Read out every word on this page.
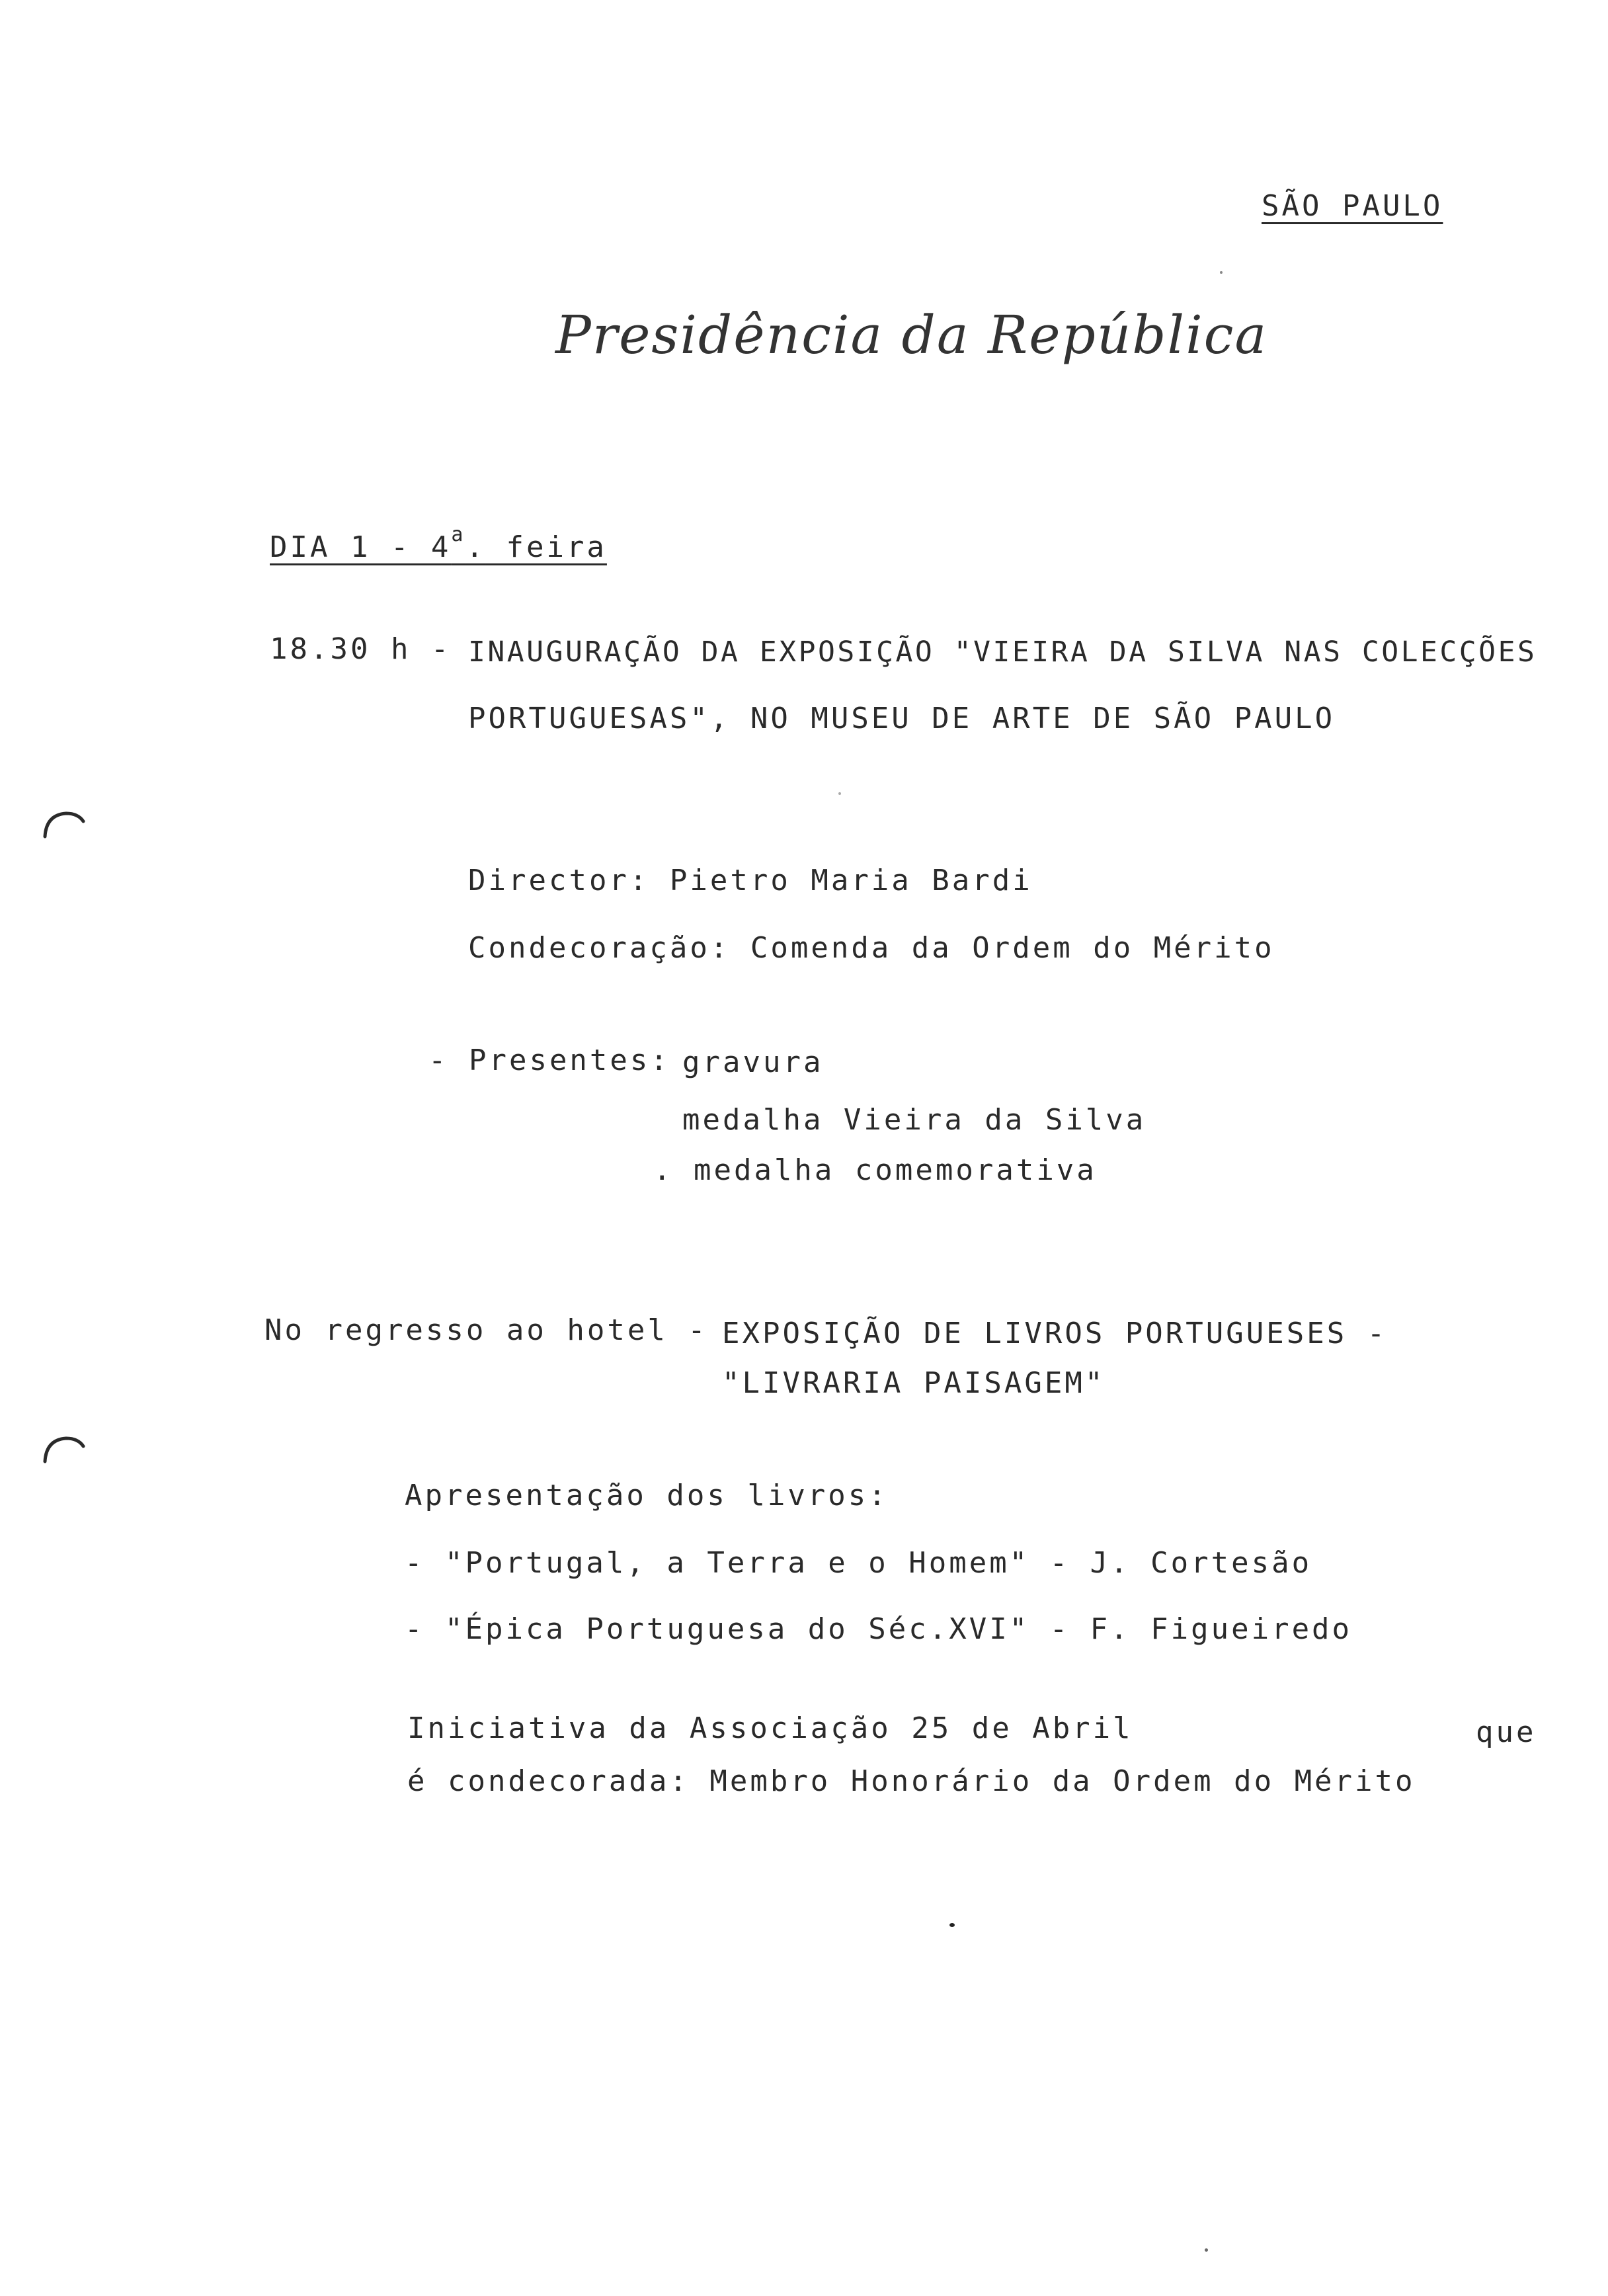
SÃO PAULO
Presidência da República
DIA 1 - 4$^a$. feira
18.30 h -
INAUGURAÇÃO DA EXPOSIÇÃO "VIEIRA DA SILVA NAS COLECÇÕES
PORTUGUESAS", NO MUSEU DE ARTE DE SÃO PAULO
Director: Pietro Maria Bardi
Condecoração: Comenda da Ordem do Mérito
- Presentes: gravura
medalha Vieira da Silva
. medalha comemorativa
No regresso ao hotel -
EXPOSIÇÃO DE LIVROS PORTUGUESES -
"LIVRARIA PAISAGEM"
Apresentação dos livros:
- "Portugal, a Terra e o Homem" - J. Cortesão
- "Épica Portuguesa do Séc.XVI" - F. Figueiredo
Iniciativa da Associação 25 de Abril	que
é condecorada: Membro Honorário da Ordem do Mérito
